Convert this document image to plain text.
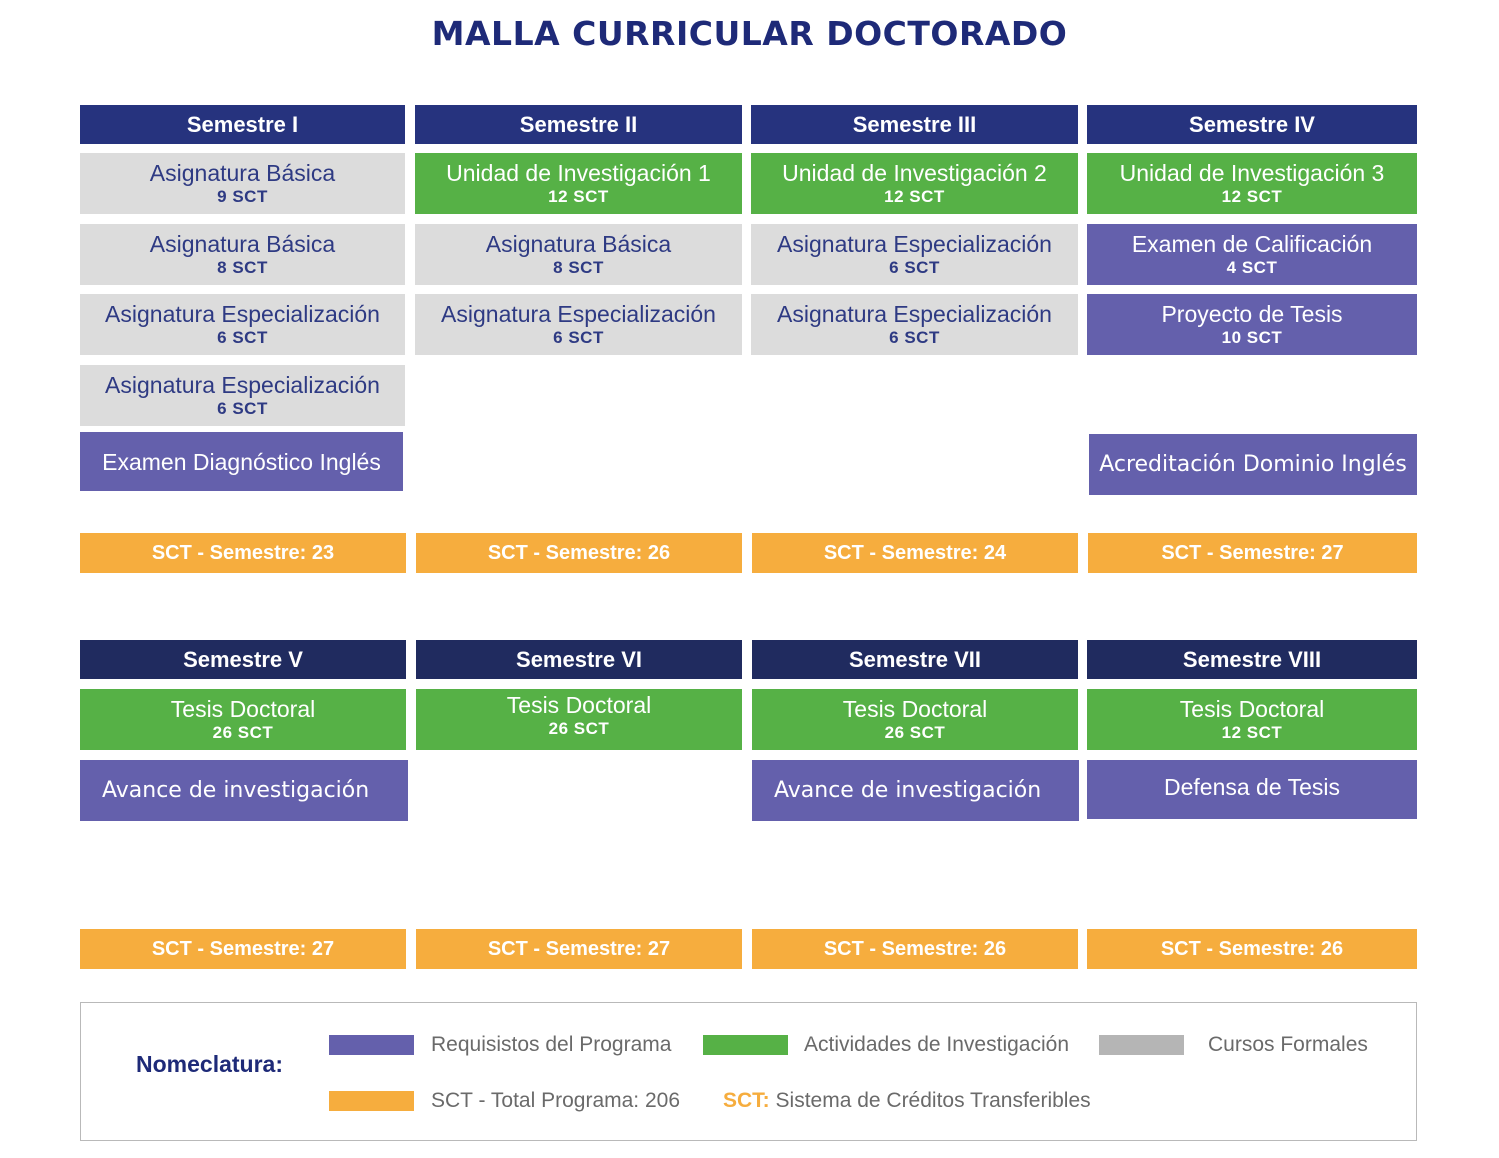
MALLA CURRICULAR DOCTORADO
Semestre I
Asignatura Básica
9 SCT
Asignatura Básica
8 SCT
Asignatura Especialización
6 SCT
Asignatura Especialización
6 SCT
Examen Diagnóstico Inglés
SCT - Semestre: 23
Semestre II
Unidad de Investigación 1
12 SCT
Asignatura Básica
8 SCT
Asignatura Especialización
6 SCT
SCT - Semestre: 26
Semestre III
Unidad de Investigación 2
12 SCT
Asignatura Especialización
6 SCT
Asignatura Especialización
6 SCT
SCT - Semestre: 24
Semestre IV
Unidad de Investigación 3
12 SCT
Examen de Calificación
4 SCT
Proyecto de Tesis
10 SCT
Acreditación Dominio Inglés
SCT - Semestre: 27
Semestre V
Tesis Doctoral
26 SCT
Avance de investigación
SCT - Semestre: 27
Semestre VI
Tesis Doctoral
26 SCT
SCT - Semestre: 27
Semestre VII
Tesis Doctoral
26 SCT
Avance de investigación
SCT - Semestre: 26
Semestre VIII
Tesis Doctoral
12 SCT
Defensa de Tesis
SCT - Semestre: 26
Nomeclatura:
Requisistos del Programa	Actividades de Investigación	Cursos Formales
SCT - Total Programa: 206 SCT: Sistema de Créditos Transferibles
